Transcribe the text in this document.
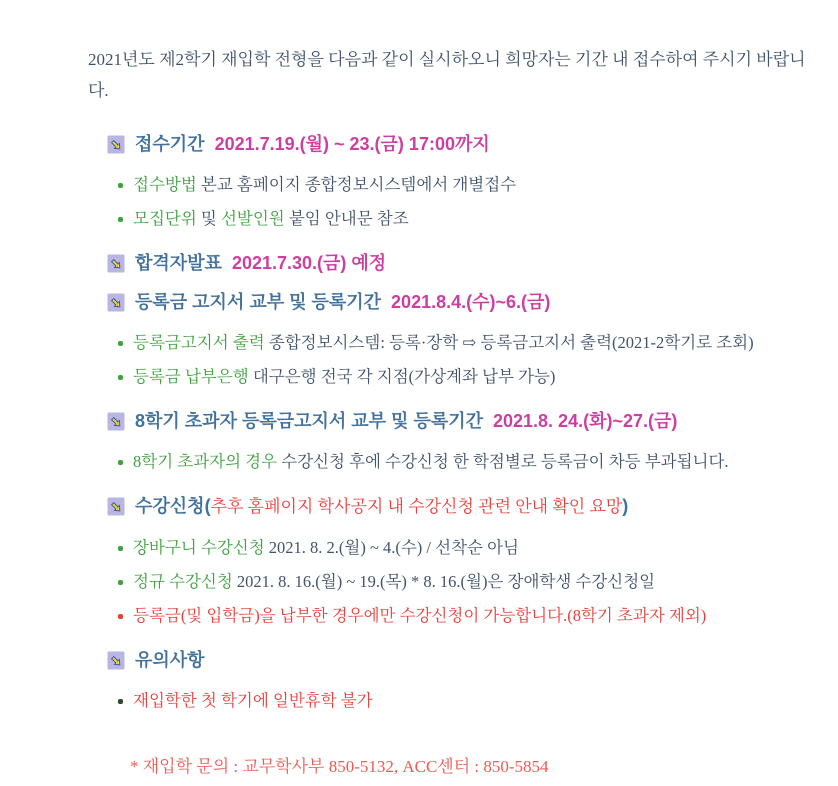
2021년도 제2학기 재입학 전형을 다음과 같이 실시하오니 희망자는 기간 내 접수하여 주시기 바랍니다.

접수기간 2021.7.19.(월) ~ 23.(금) 17:00까지
접수방법 본교 홈페이지 종합정보시스템에서 개별접수
모집단위 및 선발인원 붙임 안내문 참조
합격자발표 2021.7.30.(금) 예정
등록금 고지서 교부 및 등록기간 2021.8.4.(수)~6.(금)
등록금고지서 출력 종합정보시스템: 등록·장학 ⇨ 등록금고지서 출력(2021-2학기로 조회)
등록금 납부은행 대구은행 전국 각 지점(가상계좌 납부 가능)
8학기 초과자 등록금고지서 교부 및 등록기간 2021.8. 24.(화)~27.(금)
8학기 초과자의 경우 수강신청 후에 수강신청 한 학점별로 등록금이 차등 부과됩니다.
수강신청(추후 홈페이지 학사공지 내 수강신청 관련 안내 확인 요망)
장바구니 수강신청 2021. 8. 2.(월) ~ 4.(수) / 선착순 아님
정규 수강신청 2021. 8. 16.(월) ~ 19.(목) * 8. 16.(월)은 장애학생 수강신청일
등록금(및 입학금)을 납부한 경우에만 수강신청이 가능합니다.(8학기 초과자 제외)
유의사항
재입학한 첫 학기에 일반휴학 불가

* 재입학 문의 : 교무학사부 850-5132, ACC센터 : 850-5854
